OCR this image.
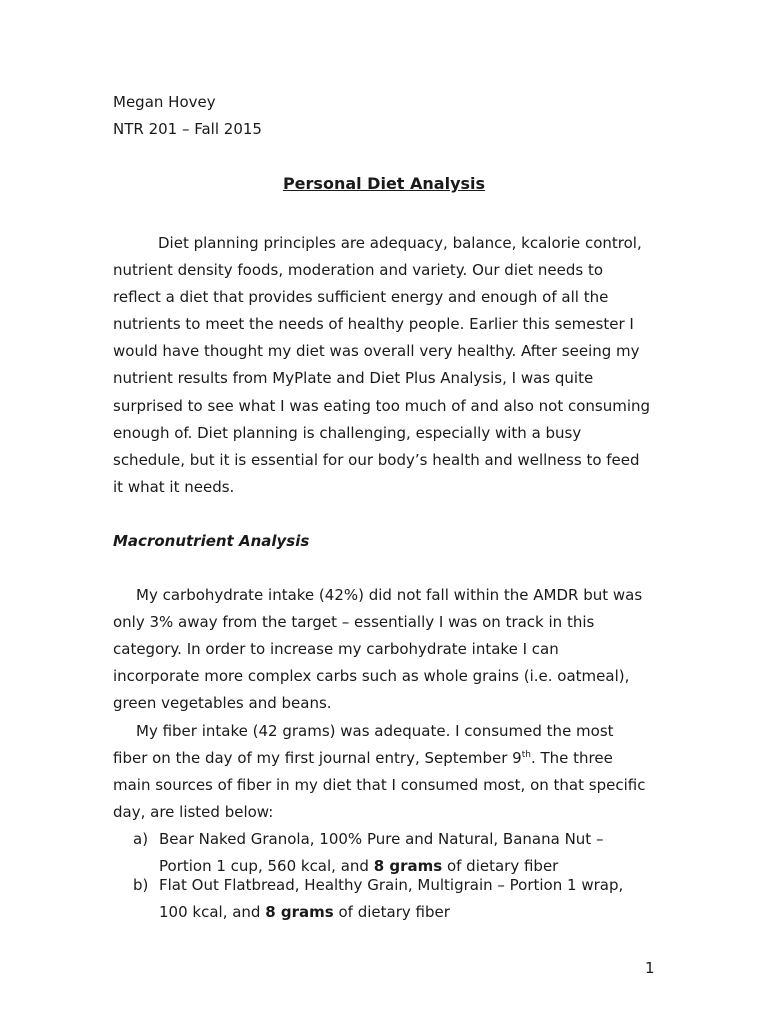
Megan Hovey
NTR 201 – Fall 2015
Personal Diet Analysis
Diet planning principles are adequacy, balance, kcalorie control,
nutrient density foods, moderation and variety. Our diet needs to
reflect a diet that provides sufficient energy and enough of all the
nutrients to meet the needs of healthy people. Earlier this semester I
would have thought my diet was overall very healthy. After seeing my
nutrient results from MyPlate and Diet Plus Analysis, I was quite
surprised to see what I was eating too much of and also not consuming
enough of. Diet planning is challenging, especially with a busy
schedule, but it is essential for our body’s health and wellness to feed
it what it needs.
Macronutrient Analysis
My carbohydrate intake (42%) did not fall within the AMDR but was
only 3% away from the target – essentially I was on track in this
category. In order to increase my carbohydrate intake I can
incorporate more complex carbs such as whole grains (i.e. oatmeal),
green vegetables and beans.
My fiber intake (42 grams) was adequate. I consumed the most
fiber on the day of my first journal entry, September 9th. The three
main sources of fiber in my diet that I consumed most, on that specific
day, are listed below:
a) Bear Naked Granola, 100% Pure and Natural, Banana Nut –
Portion 1 cup, 560 kcal, and 8 grams of dietary fiber
b) Flat Out Flatbread, Healthy Grain, Multigrain – Portion 1 wrap,
100 kcal, and 8 grams of dietary fiber
1
